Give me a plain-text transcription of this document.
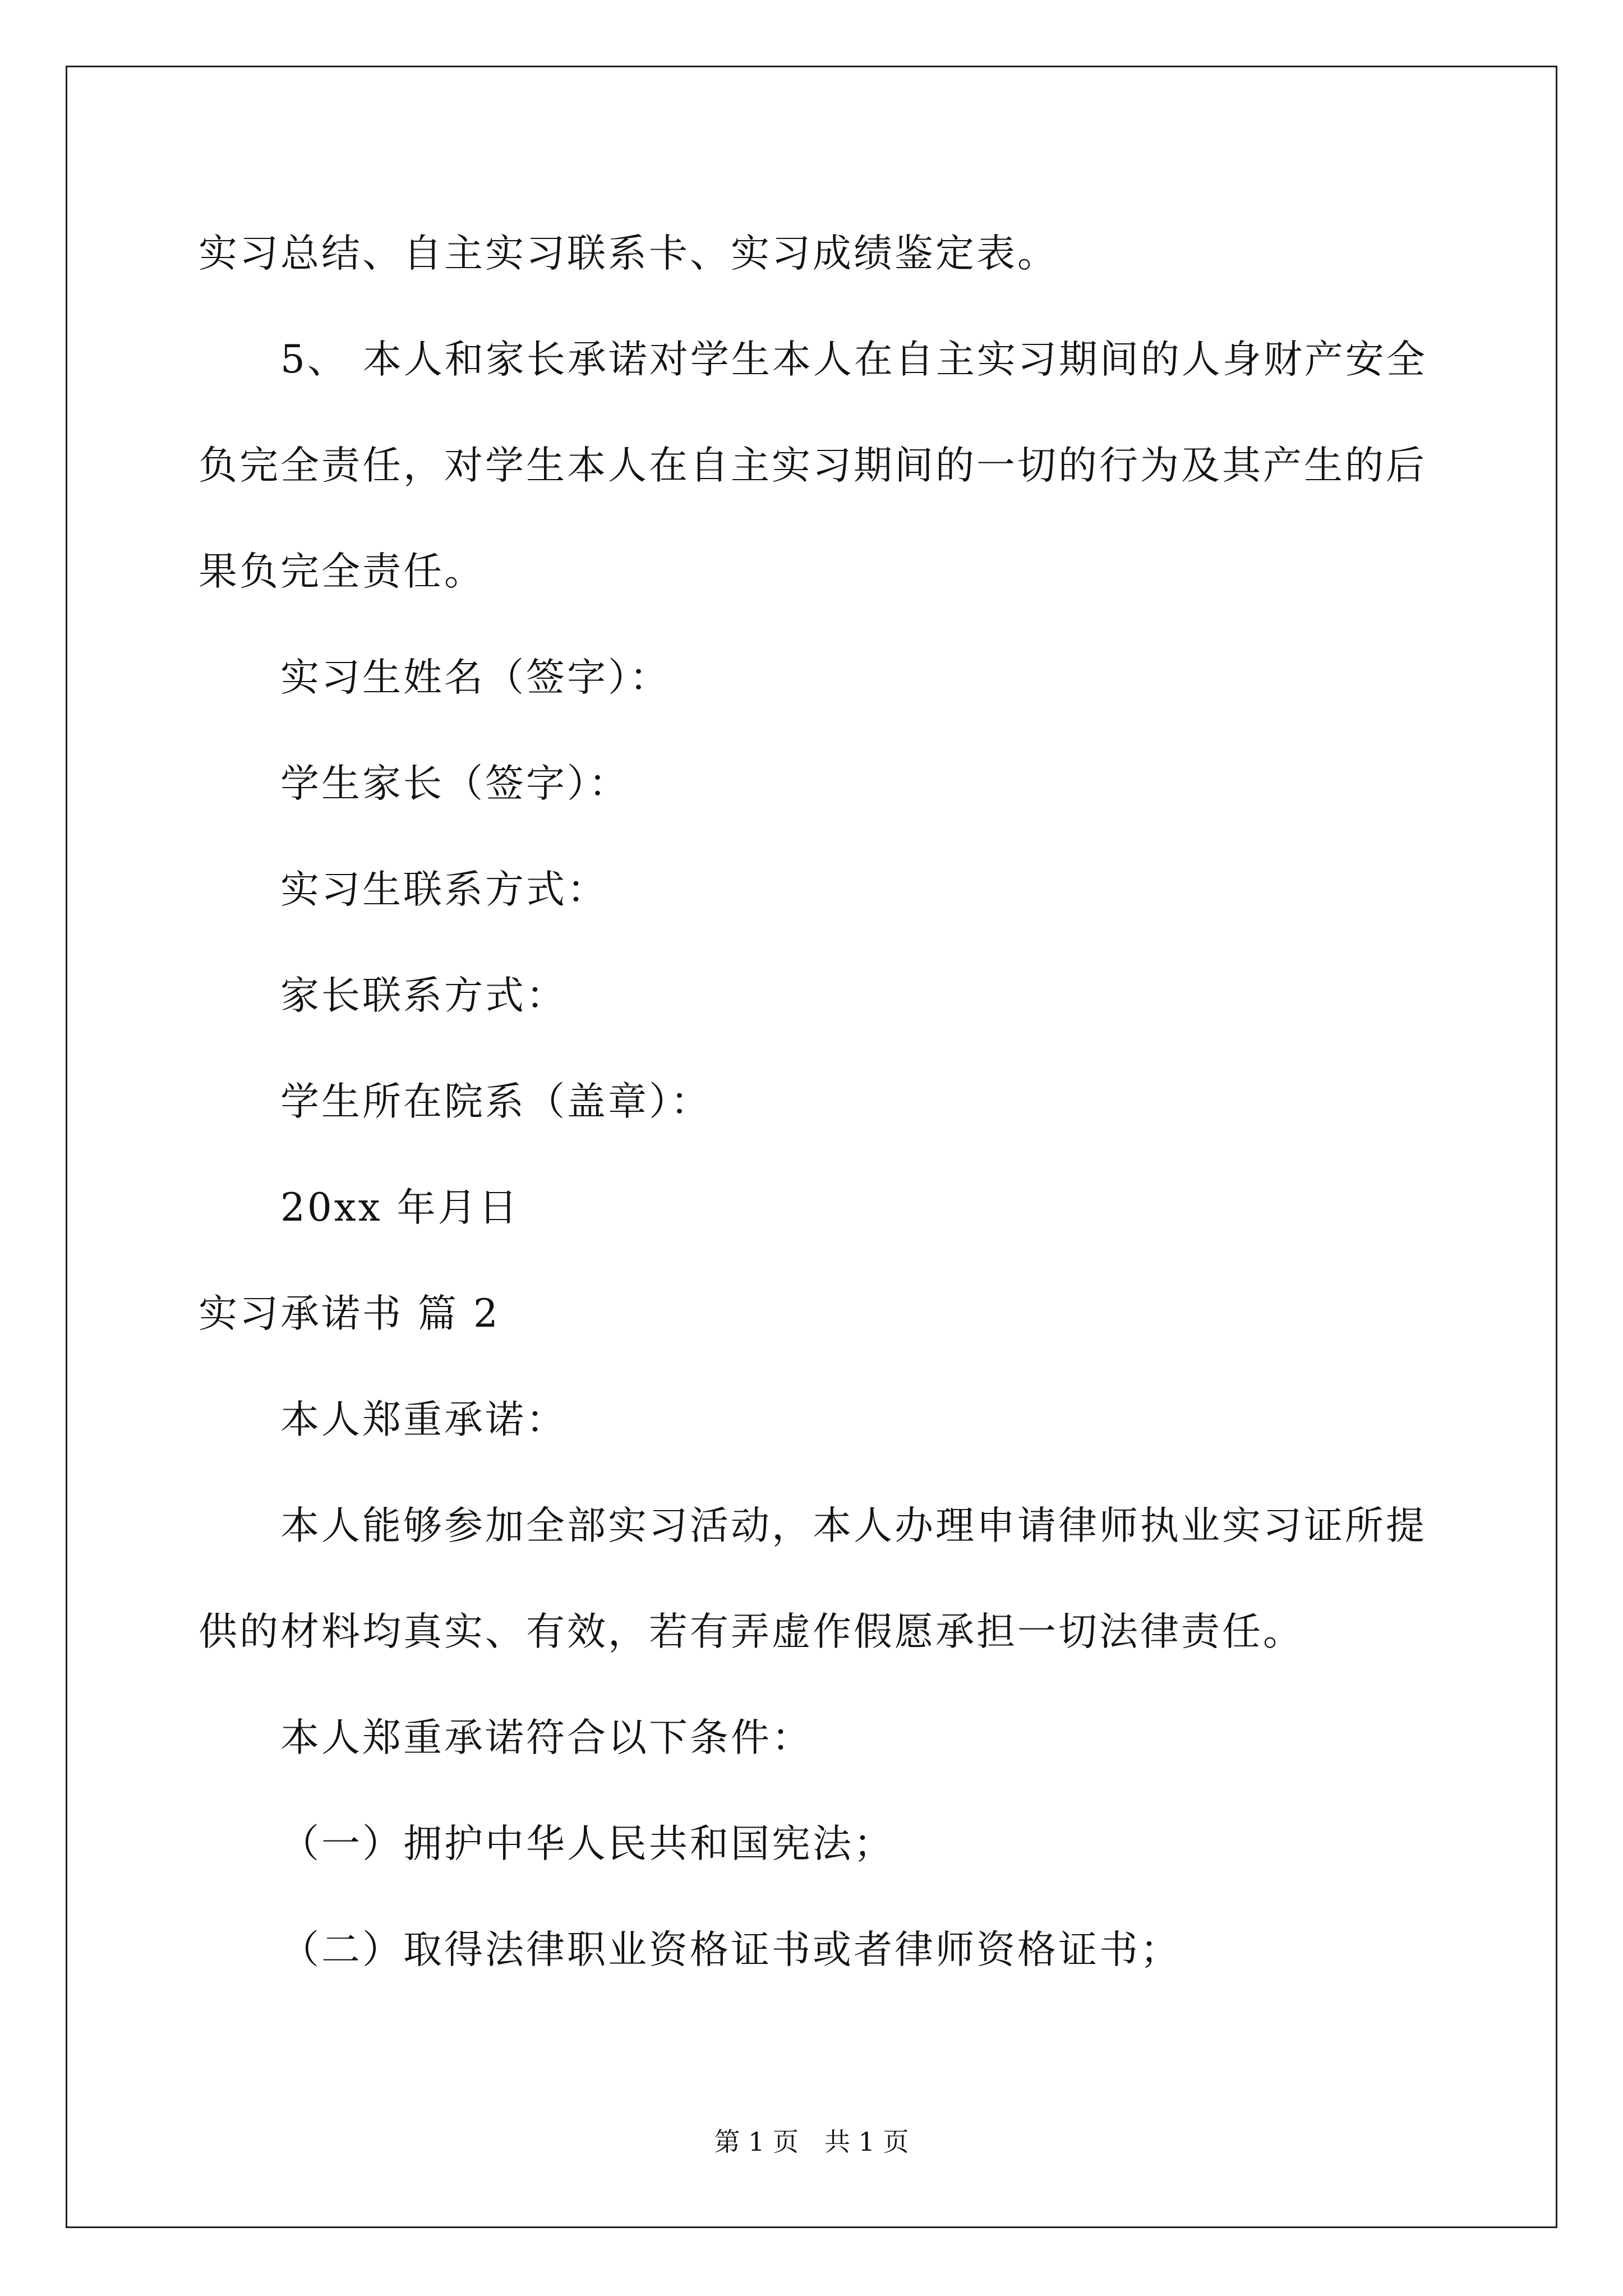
实习总结、自主实习联系卡、实习成绩鉴定表。
5、 本人和家长承诺对学生本人在自主实习期间的人身财产安全
负完全责任，对学生本人在自主实习期间的一切的行为及其产生的后
果负完全责任。
实习生姓名（签字）：
学生家长（签字）：
实习生联系方式：
家长联系方式：
学生所在院系（盖章）：
20xx 年月日
实习承诺书 篇 2
本人郑重承诺：
本人能够参加全部实习活动，本人办理申请律师执业实习证所提
供的材料均真实、有效，若有弄虚作假愿承担一切法律责任。
本人郑重承诺符合以下条件：
（一）拥护中华人民共和国宪法；
（二）取得法律职业资格证书或者律师资格证书；
第 1 页　共 1 页
